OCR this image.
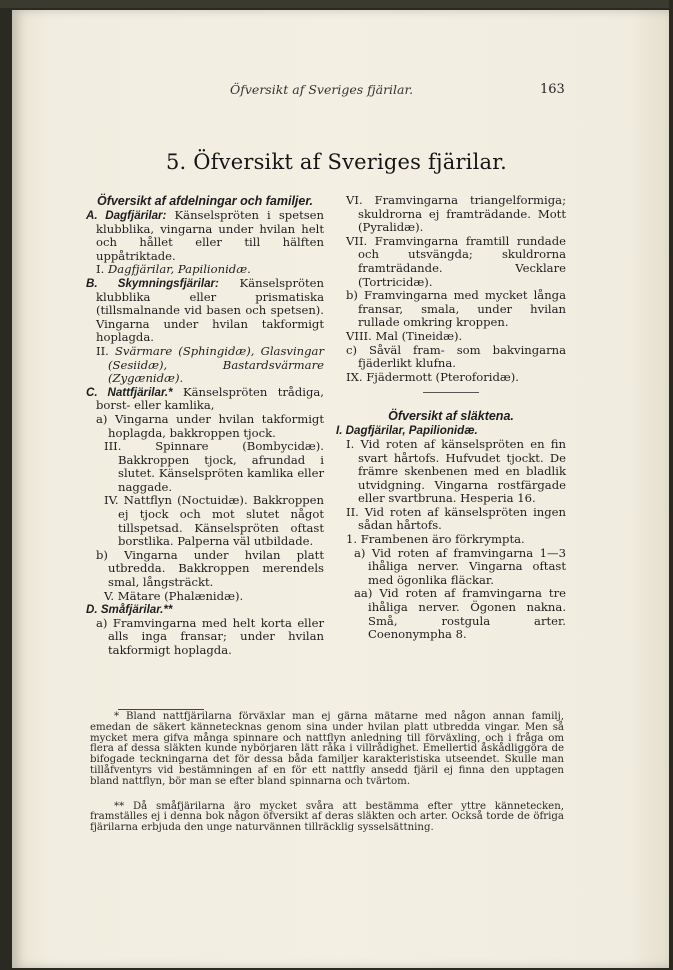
Öfversikt af Sveriges fjärilar.	163
5. Öfversikt af Sveriges fjärilar.

Öfversikt af afdelningar och familjer.

A. Dagfjärilar: Känselspröten i spetsen klubblika, vingarna under hvilan helt och hållet eller till hälften uppåtriktade.

I. Dagfjärilar, Papilionidæ.

B. Skymningsfjärilar: Känselspröten klubblika eller prismatiska (tillsmalnande vid basen och spetsen). Vingarna under hvilan takformigt hoplagda.

II. Svärmare (Sphingidæ), Glasvingar (Sesiidæ), Bastardsvärmare (Zygænidæ).

C. Nattfjärilar.* Känselspröten trådiga, borst- eller kamlika,

a) Vingarna under hvilan takformigt hoplagda, bakkroppen tjock.

III. Spinnare (Bombycidæ). Bakkroppen tjock, afrundad i slutet. Känselspröten kamlika eller naggade.

IV. Nattflyn (Noctuidæ). Bakkroppen ej tjock och mot slutet något tillspetsad. Känselspröten oftast borstlika. Palperna väl utbildade.

b) Vingarna under hvilan platt utbredda. Bakkroppen merendels smal, långsträckt.

V. Mätare (Phalænidæ).

D. Småfjärilar.**

a) Framvingarna med helt korta eller alls inga fransar; under hvilan takformigt hoplagda.

VI. Framvingarna triangelformiga; skuldrorna ej framträdande. Mott (Pyralidæ).

VII. Framvingarna framtill rundade och utsvängda; skuldrorna framträdande. Vecklare (Tortricidæ).

b) Framvingarna med mycket långa fransar, smala, under hvilan rullade omkring kroppen.

VIII. Mal (Tineidæ).

c) Såväl fram- som bakvingarna fjäderlikt klufna.

IX. Fjädermott (Pteroforidæ).

Öfversikt af släktena.

I. Dagfjärilar, Papilionidæ.

I. Vid roten af känselspröten en fin svart hårtofs. Hufvudet tjockt. De främre skenbenen med en bladlik utvidgning. Vingarna rostfärgade eller svartbruna. Hesperia 16.

II. Vid roten af känselspröten ingen sådan hårtofs.

1. Frambenen äro förkrympta.

a) Vid roten af framvingarna 1—3 ihåliga nerver. Vingarna oftast med ögonlika fläckar.

aa) Vid roten af framvingarna tre ihåliga nerver. Ögonen nakna. Små, rostgula arter. Coenonympha 8.

* Bland nattfjärilarna förväxlar man ej gärna mätarne med någon annan familj, emedan de säkert kännetecknas genom sina under hvilan platt utbredda vingar. Men så mycket mera gifva många spinnare och nattflyn anledning till förväxling, och i fråga om flera af dessa släkten kunde nybörjaren lätt råka i villrådighet. Emellertid åskådliggöra de bifogade teckningarna det för dessa båda familjer karakteristiska utseendet. Skulle man tillåfventyrs vid bestämningen af en för ett nattfly ansedd fjäril ej finna den upptagen bland nattflyn, bör man se efter bland spinnarna och tvärtom.

** Då småfjärilarna äro mycket svåra att bestämma efter yttre kännetecken, framställes ej i denna bok någon öfversikt af deras släkten och arter. Också torde de öfriga fjärilarna erbjuda den unge naturvännen tillräcklig sysselsättning.
